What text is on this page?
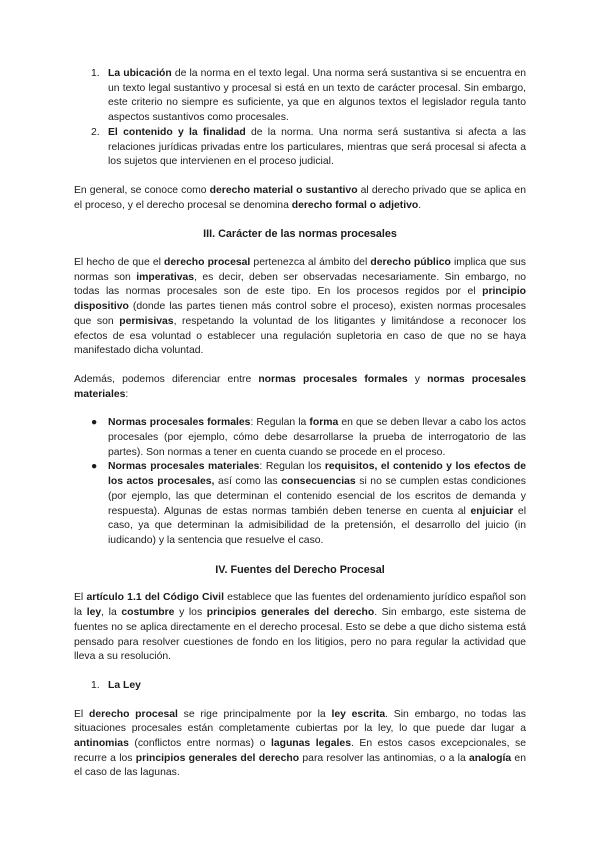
1. La ubicación de la norma en el texto legal. Una norma será sustantiva si se encuentra en un texto legal sustantivo y procesal si está en un texto de carácter procesal. Sin embargo, este criterio no siempre es suficiente, ya que en algunos textos el legislador regula tanto aspectos sustantivos como procesales.

2. El contenido y la finalidad de la norma. Una norma será sustantiva si afecta a las relaciones jurídicas privadas entre los particulares, mientras que será procesal si afecta a los sujetos que intervienen en el proceso judicial.

En general, se conoce como derecho material o sustantivo al derecho privado que se aplica en el proceso, y el derecho procesal se denomina derecho formal o adjetivo.

III. Carácter de las normas procesales

El hecho de que el derecho procesal pertenezca al ámbito del derecho público implica que sus normas son imperativas, es decir, deben ser observadas necesariamente. Sin embargo, no todas las normas procesales son de este tipo. En los procesos regidos por el principio dispositivo (donde las partes tienen más control sobre el proceso), existen normas procesales que son permisivas, respetando la voluntad de los litigantes y limitándose a reconocer los efectos de esa voluntad o establecer una regulación supletoria en caso de que no se haya manifestado dicha voluntad.

Además, podemos diferenciar entre normas procesales formales y normas procesales materiales:

● Normas procesales formales: Regulan la forma en que se deben llevar a cabo los actos procesales (por ejemplo, cómo debe desarrollarse la prueba de interrogatorio de las partes). Son normas a tener en cuenta cuando se procede en el proceso.

● Normas procesales materiales: Regulan los requisitos, el contenido y los efectos de los actos procesales, así como las consecuencias si no se cumplen estas condiciones (por ejemplo, las que determinan el contenido esencial de los escritos de demanda y respuesta). Algunas de estas normas también deben tenerse en cuenta al enjuiciar el caso, ya que determinan la admisibilidad de la pretensión, el desarrollo del juicio (in iudicando) y la sentencia que resuelve el caso.

IV. Fuentes del Derecho Procesal

El artículo 1.1 del Código Civil establece que las fuentes del ordenamiento jurídico español son la ley, la costumbre y los principios generales del derecho. Sin embargo, este sistema de fuentes no se aplica directamente en el derecho procesal. Esto se debe a que dicho sistema está pensado para resolver cuestiones de fondo en los litigios, pero no para regular la actividad que lleva a su resolución.

1. La Ley

El derecho procesal se rige principalmente por la ley escrita. Sin embargo, no todas las situaciones procesales están completamente cubiertas por la ley, lo que puede dar lugar a antinomias (conflictos entre normas) o lagunas legales. En estos casos excepcionales, se recurre a los principios generales del derecho para resolver las antinomias, o a la analogía en el caso de las lagunas.
